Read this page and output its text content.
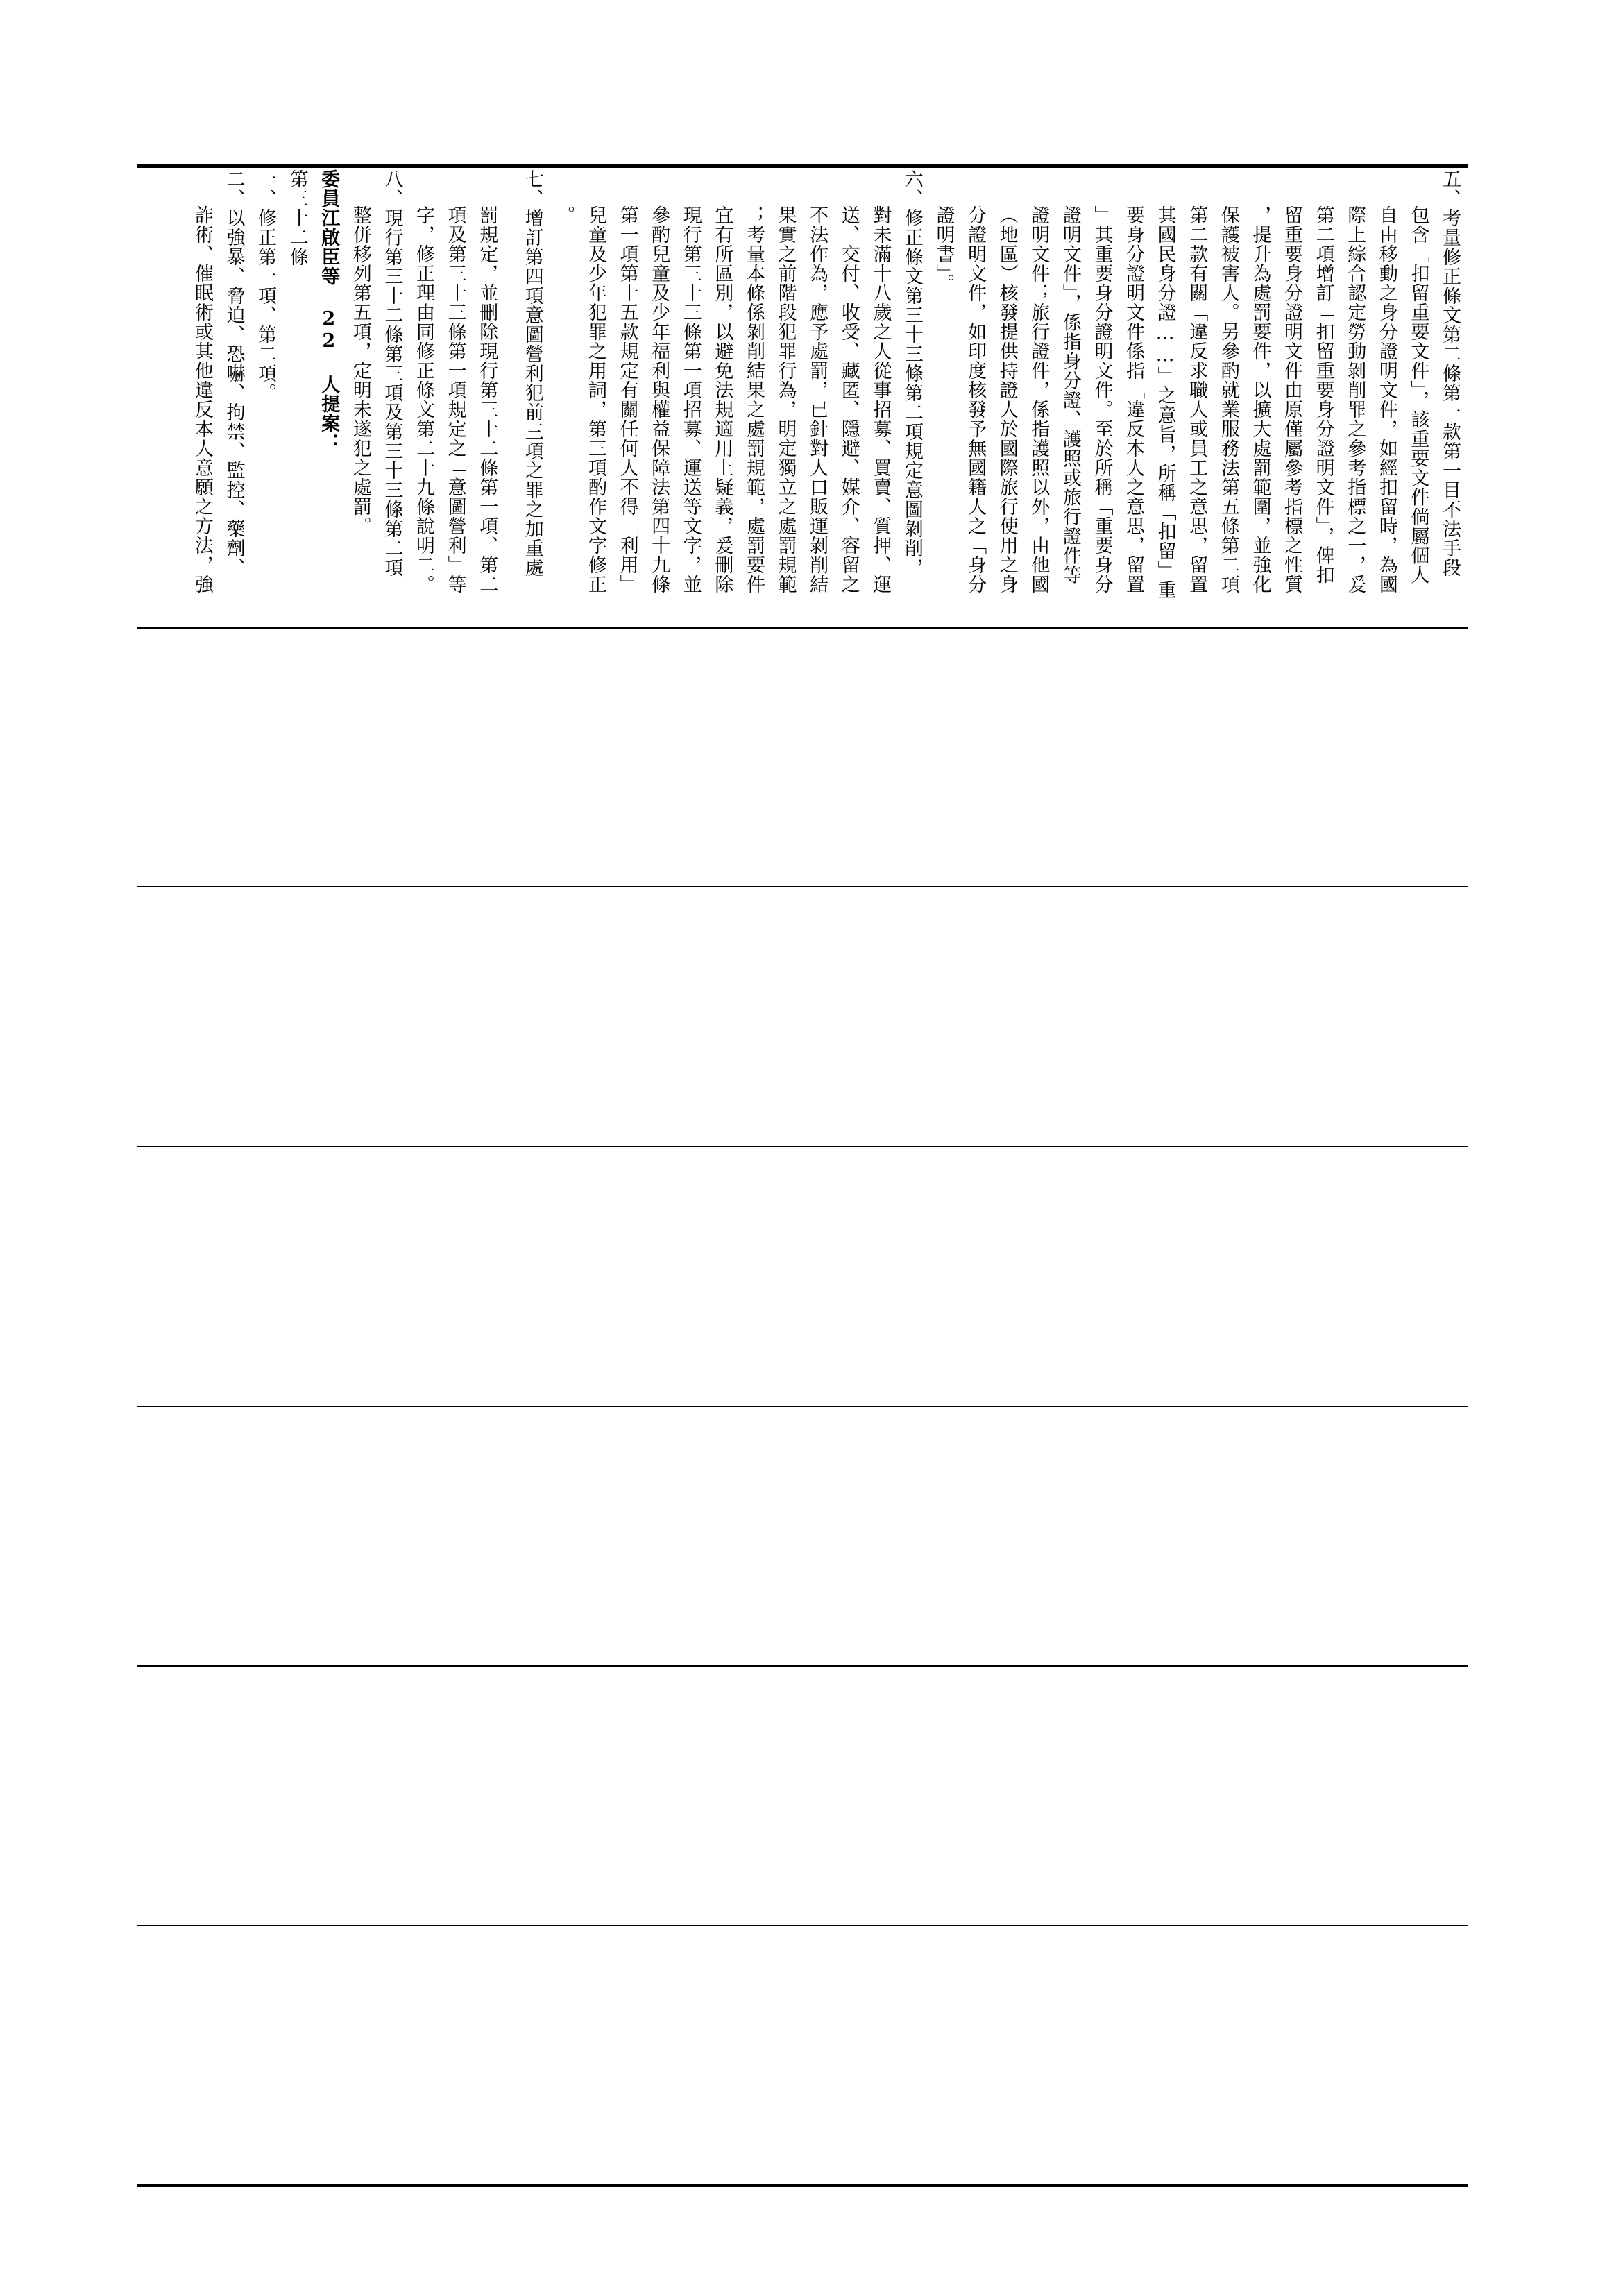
五、考量修正條文第二條第一款第一目不法手段
包含「扣留重要文件」，該重要文件倘屬個人
自由移動之身分證明文件，如經扣留時，為國
際上綜合認定勞動剝削罪之參考指標之一，爰
第二項增訂「扣留重要身分證明文件」，俾扣
留重要身分證明文件由原僅屬參考指標之性質
，提升為處罰要件，以擴大處罰範圍，並強化
保護被害人。另參酌就業服務法第五條第二項
第二款有關「違反求職人或員工之意思，留置
其國民身分證……」之意旨，所稱「扣留」重
要身分證明文件係指「違反本人之意思，留置
」其重要身分證明文件。至於所稱「重要身分
證明文件」，係指身分證、護照或旅行證件等
證明文件；旅行證件，係指護照以外，由他國
（地區）核發提供持證人於國際旅行使用之身
分證明文件，如印度核發予無國籍人之「身分
證明書」。
六、修正條文第三十三條第二項規定意圖剝削，
對未滿十八歲之人從事招募、買賣、質押、運
送、交付、收受、藏匿、隱避、媒介、容留之
不法作為，應予處罰，已針對人口販運剝削結
果實之前階段犯罪行為，明定獨立之處罰規範
；考量本條係剝削結果之處罰規範，處罰要件
宜有所區別，以避免法規適用上疑義，爰刪除
現行第三十三條第一項招募、運送等文字，並
參酌兒童及少年福利與權益保障法第四十九條
第一項第十五款規定有關任何人不得「利用」
兒童及少年犯罪之用詞，第三項酌作文字修正
。
七、增訂第四項意圖營利犯前三項之罪之加重處
罰規定，並刪除現行第三十二條第一項、第二
項及第三十三條第一項規定之「意圖營利」等
字，修正理由同修正條文第二十九條說明二。
八、現行第三十二條第三項及第三十三條第二項
整併移列第五項，定明未遂犯之處罰。
委員江啟臣等 22 人提案：
第三十二條
一、修正第一項、第二項。
二、以強暴、脅迫、恐嚇、拘禁、監控、藥劑、
詐術、催眠術或其他違反本人意願之方法，強
